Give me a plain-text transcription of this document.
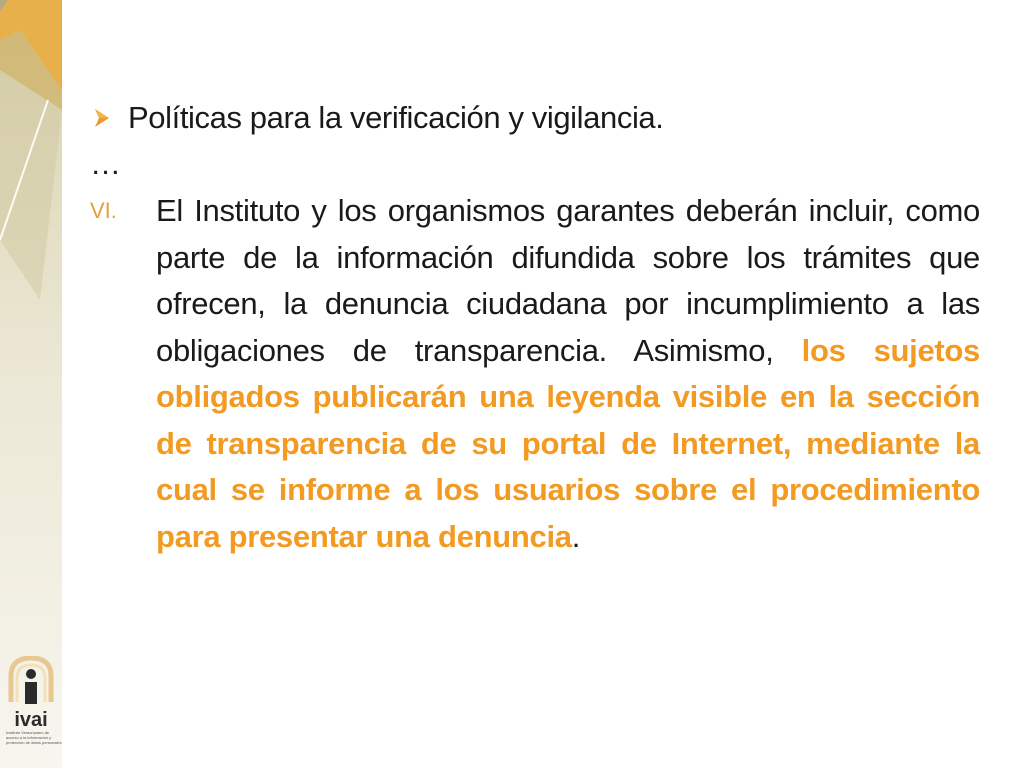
Políticas para la verificación y vigilancia.
…
VI. El Instituto y los organismos garantes deberán incluir, como parte de la información difundida sobre los trámites que ofrecen, la denuncia ciudadana por incumplimiento a las obligaciones de transparencia. Asimismo, los sujetos obligados publicarán una leyenda visible en la sección de transparencia de su portal de Internet, mediante la cual se informe a los usuarios sobre el procedimiento para presentar una denuncia.
ivai
Instituto Veracruzano de acceso a la información y protección de datos personales
